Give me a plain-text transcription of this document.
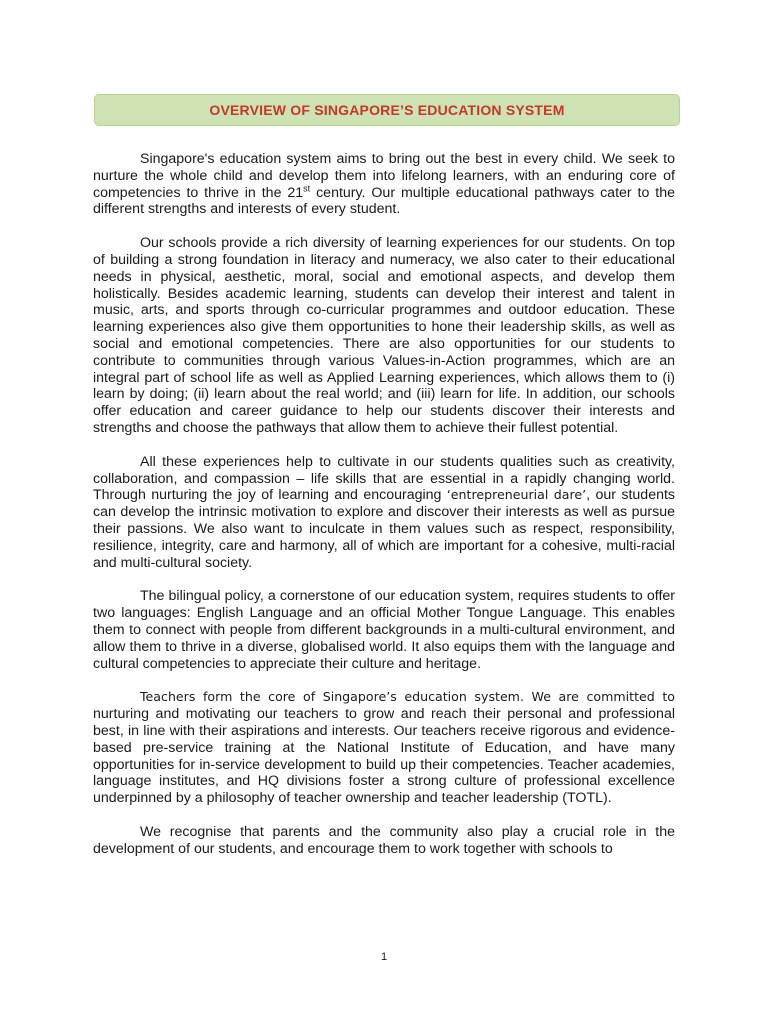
OVERVIEW OF SINGAPORE’S EDUCATION SYSTEM

Singapore's education system aims to bring out the best in every child. We seek to nurture the whole child and develop them into lifelong learners, with an enduring core of competencies to thrive in the 21st century. Our multiple educational pathways cater to the different strengths and interests of every student.

Our schools provide a rich diversity of learning experiences for our students. On top of building a strong foundation in literacy and numeracy, we also cater to their educational needs in physical, aesthetic, moral, social and emotional aspects, and develop them holistically. Besides academic learning, students can develop their interest and talent in music, arts, and sports through co-curricular programmes and outdoor education. These learning experiences also give them opportunities to hone their leadership skills, as well as social and emotional competencies. There are also opportunities for our students to contribute to communities through various Values-in-Action programmes, which are an integral part of school life as well as Applied Learning experiences, which allows them to (i) learn by doing; (ii) learn about the real world; and (iii) learn for life. In addition, our schools offer education and career guidance to help our students discover their interests and strengths and choose the pathways that allow them to achieve their fullest potential.

All these experiences help to cultivate in our students qualities such as creativity, collaboration, and compassion – life skills that are essential in a rapidly changing world. Through nurturing the joy of learning and encouraging ‘entrepreneurial dare’, our students can develop the intrinsic motivation to explore and discover their interests as well as pursue their passions. We also want to inculcate in them values such as respect, responsibility, resilience, integrity, care and harmony, all of which are important for a cohesive, multi-racial and multi-cultural society.

The bilingual policy, a cornerstone of our education system, requires students to offer two languages: English Language and an official Mother Tongue Language. This enables them to connect with people from different backgrounds in a multi-cultural environment, and allow them to thrive in a diverse, globalised world. It also equips them with the language and cultural competencies to appreciate their culture and heritage.

Teachers form the core of Singapore’s education system. We are committed to nurturing and motivating our teachers to grow and reach their personal and professional best, in line with their aspirations and interests. Our teachers receive rigorous and evidence-based pre-service training at the National Institute of Education, and have many opportunities for in-service development to build up their competencies. Teacher academies, language institutes, and HQ divisions foster a strong culture of professional excellence underpinned by a philosophy of teacher ownership and teacher leadership (TOTL).

We recognise that parents and the community also play a crucial role in the development of our students, and encourage them to work together with schools to

1
